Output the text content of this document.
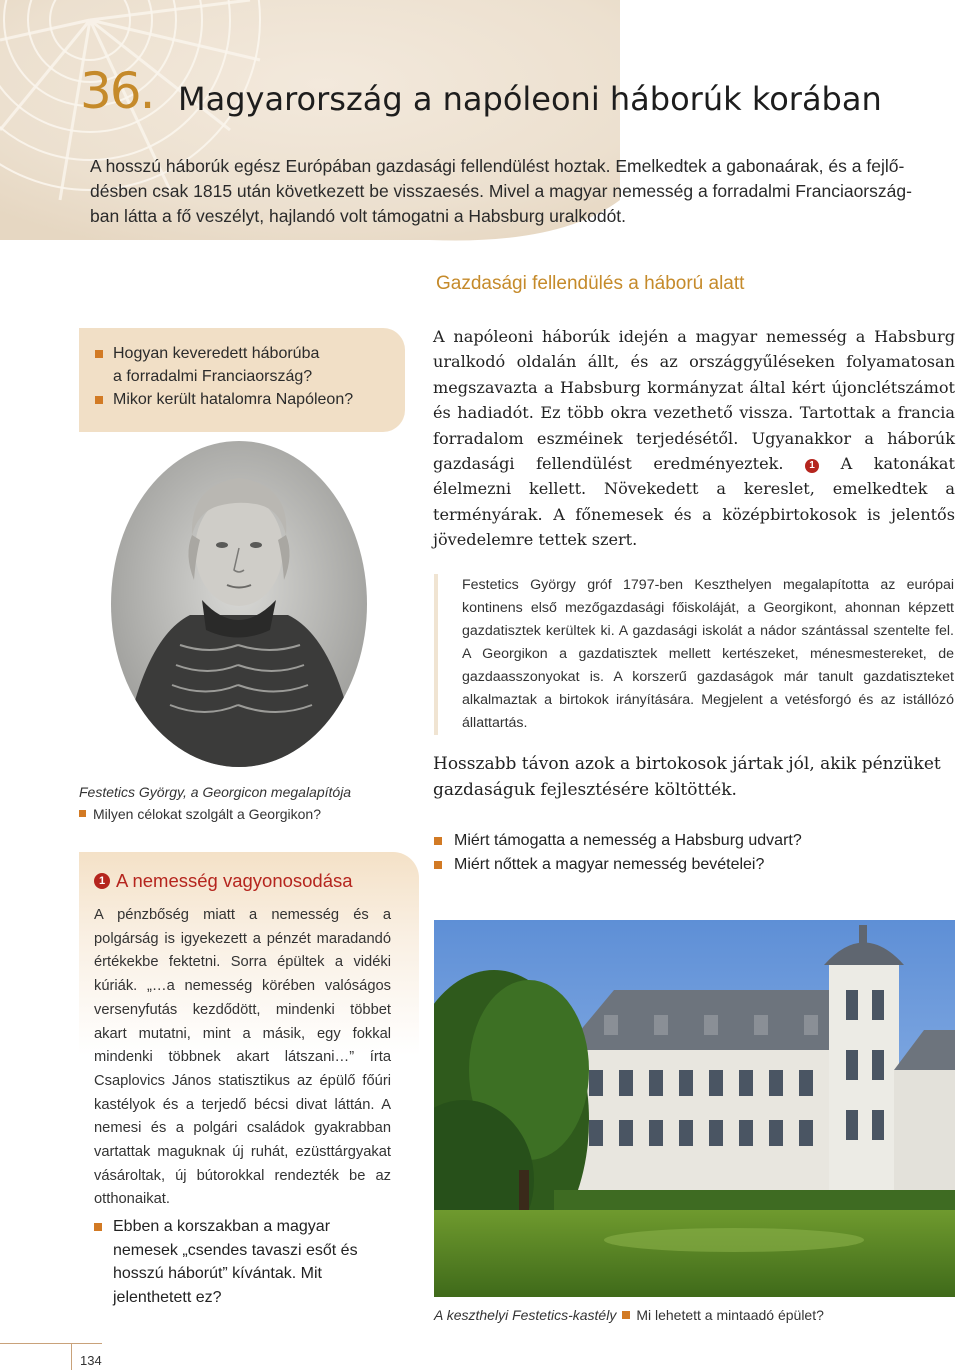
36. Magyarország a napóleoni háborúk korában

A hosszú háborúk egész Európában gazdasági fellendülést hoztak. Emelkedtek a gabonaárak, és a fejlő-

désben csak 1815 után következett be visszaesés. Mivel a magyar nemesség a forradalmi Franciaország-

ban látta a fő veszélyt, hajlandó volt támogatni a Habsburg uralkodót.

Gazdasági fellendülés a háború alatt
Hogyan keveredett háborúba
a forradalmi Franciaország?
Mikor került hatalomra Napóleon?
A napóleoni háborúk idején a magyar nemesség a Habsburg uralkodó oldalán állt, és az országgyűléseken folyamatosan megszavazta a Habsburg kormányzat által kért újonclétszámot és hadiadót. Ez több okra vezethető vissza. Tartottak a francia forradalom eszméinek terjedésétől. Ugyanakkor a háborúk gazdasági fellendülést eredményeztek.	1 A katonákat élelmezni kellett. Növekedett a kereslet, emelkedtek a terményárak. A főnemesek és a középbirtokosok is jelentős jövedelemre tettek szert.
Festetics György gróf 1797-ben Keszthelyen megalapította az európai kontinens első mezőgazdasági főiskoláját, a Georgikont, ahonnan képzett gazdatisztek kerültek ki. A gazdasági iskolát a nádor szántással szentelte fel. A Georgikon a gazdatisztek mellett kertészeket, ménesmestereket, de gazdaasszonyokat is. A korszerű gazdaságok már tanult gazdatiszteket alkalmaztak a birtokok irányítására. Megjelent a vetésforgó és az istállózó állattartás.
Festetics György, a Georgicon megalapítója
Milyen célokat szolgált a Georgikon?
1 A nemesség vagyonosodása
A pénzbőség miatt a nemesség és a polgárság is igyekezett a pénzét maradandó értékekbe fektetni. Sorra épültek a vidéki kúriák. „…a nemesség körében valóságos versenyfutás kezdődött, mindenki többet akart mutatni, mint a másik, egy fokkal mindenki többnek akart látszani…” írta Csaplovics János statisztikus az épülő főúri kastélyok és a terjedő bécsi divat láttán. A nemesi és a polgári családok gyakrabban vartattak maguknak új ruhát, ezüsttárgyakat vásároltak, új bútorokkal rendezték be az otthonaikat.
Ebben a korszakban a magyar nemesek „csendes tavaszi esőt és hosszú háborút” kívántak. Mit jelenthetett ez?
Hosszabb távon azok a birtokosok jártak jól, akik pénzüket gazdaságuk fejlesztésére költötték.
Miért támogatta a nemesség a Habsburg udvart?
Miért nőttek a magyar nemesség bevételei?
A keszthelyi Festetics-kastély Mi lehetett a mintaadó épület?
134
